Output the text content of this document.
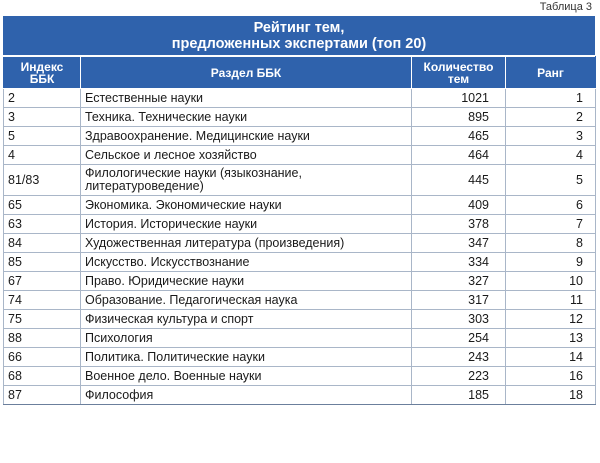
Таблица 3
Рейтинг тем,
предложенных экспертами (топ 20)
Индекс ББК	Раздел ББК	Количество тем	Ранг
2	Естественные науки	1021	1
3	Техника. Технические науки	895	2
5	Здравоохранение. Медицинские науки	465	3
4	Сельское и лесное хозяйство	464	4
81/83	Филологические науки (языкознание, литературоведение)	445	5
65	Экономика. Экономические науки	409	6
63	История. Исторические науки	378	7
84	Художественная литература (произведения)	347	8
85	Искусство. Искусствознание	334	9
67	Право. Юридические науки	327	10
74	Образование. Педагогическая наука	317	11
75	Физическая культура и спорт	303	12
88	Психология	254	13
66	Политика. Политические науки	243	14
68	Военное дело. Военные науки	223	16
87	Философия	185	18
